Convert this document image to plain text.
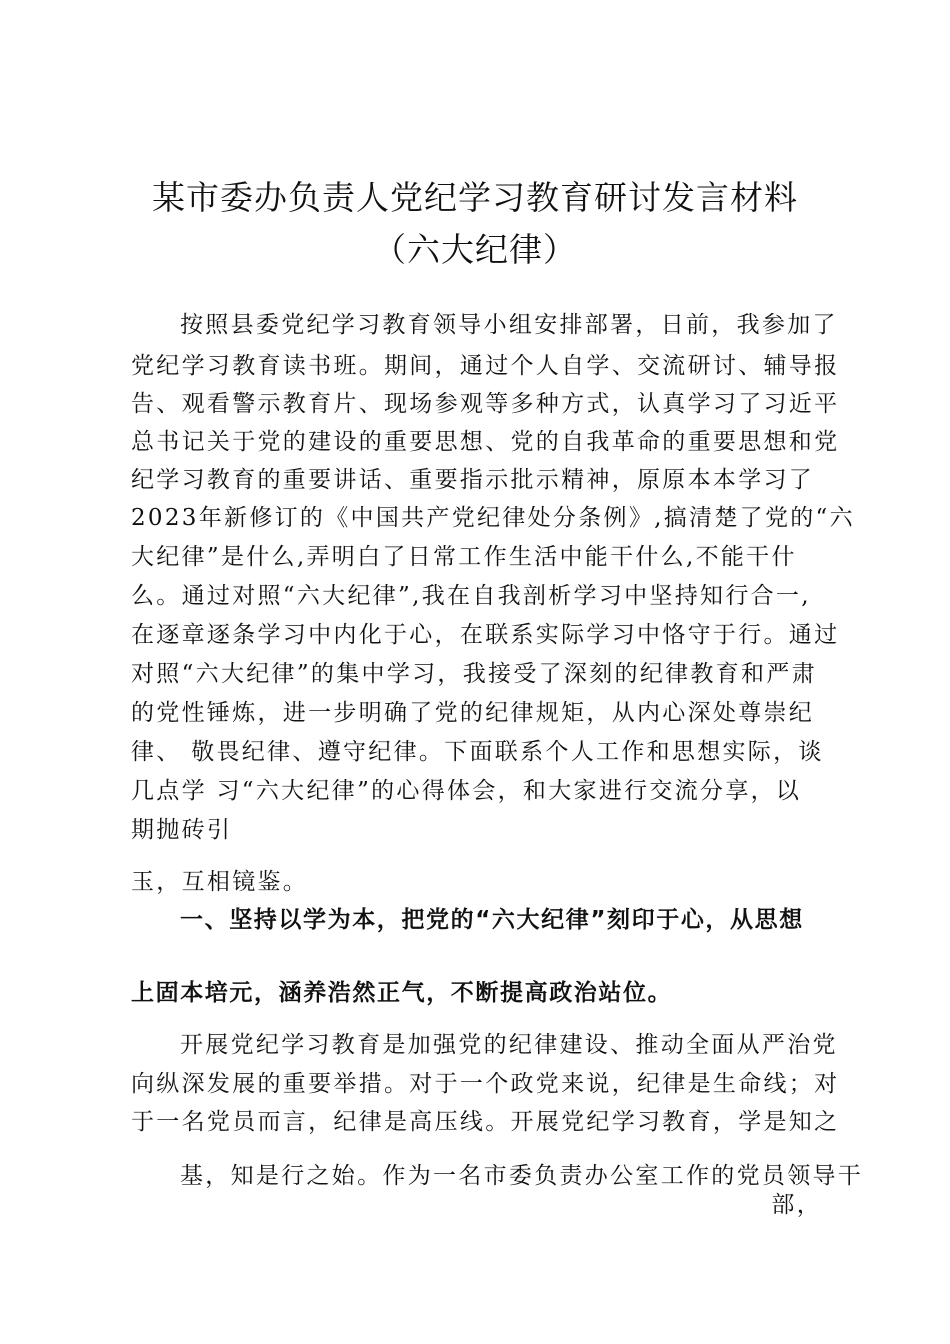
某市委办负责人党纪学习教育研讨发言材料
（六大纪律）
按照县委党纪学习教育领导小组安排部署，日前，我参加了
党纪学习教育读书班。期间，通过个人自学、交流研讨、辅导报
告、观看警示教育片、现场参观等多种方式，认真学习了习近平
总书记关于党的建设的重要思想、党的自我革命的重要思想和党
纪学习教育的重要讲话、重要指示批示精神，原原本本学习了
2023年新修订的《中国共产党纪律处分条例》,搞清楚了党的“六
大纪律”是什么,弄明白了日常工作生活中能干什么,不能干什
么。通过对照“六大纪律”,我在自我剖析学习中坚持知行合一,
在逐章逐条学习中内化于心，在联系实际学习中恪守于行。通过
对照“六大纪律”的集中学习，我接受了深刻的纪律教育和严肃
的党性锤炼，进一步明确了党的纪律规矩，从内心深处尊崇纪
律、 敬畏纪律、遵守纪律。下面联系个人工作和思想实际，谈
几点学 习“六大纪律”的心得体会，和大家进行交流分享，以
期抛砖引
玉，互相镜鉴。
一、坚持以学为本，把党的“六大纪律”刻印于心，从思想
上固本培元，涵养浩然正气，不断提高政治站位。
开展党纪学习教育是加强党的纪律建设、推动全面从严治党
向纵深发展的重要举措。对于一个政党来说，纪律是生命线；对
于一名党员而言，纪律是高压线。开展党纪学习教育，学是知之
基，知是行之始。作为一名市委负责办公室工作的党员领导干
部，
